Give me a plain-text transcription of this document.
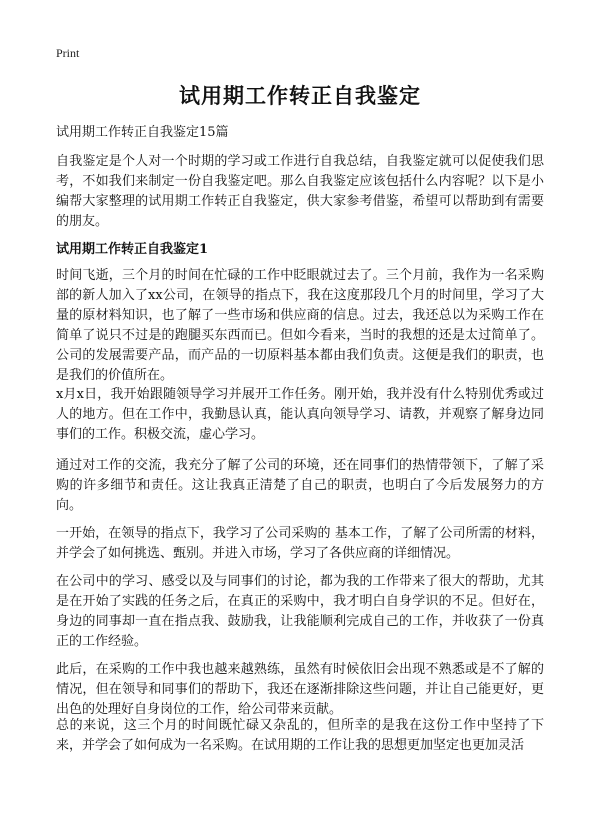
Print
试用期工作转正自我鉴定
试用期工作转正自我鉴定15篇

自我鉴定是个人对一个时期的学习或工作进行自我总结，自我鉴定就可以促使我们思考，不如我们来制定一份自我鉴定吧。那么自我鉴定应该包括什么内容呢？以下是小编帮大家整理的试用期工作转正自我鉴定，供大家参考借鉴，希望可以帮助到有需要的朋友。

试用期工作转正自我鉴定1

时间飞逝，三个月的时间在忙碌的工作中眨眼就过去了。三个月前，我作为一名采购部的新人加入了xx公司，在领导的指点下，我在这度那段几个月的时间里，学习了大量的原材料知识，也了解了一些市场和供应商的信息。过去，我还总以为采购工作在简单了说只不过是的跑腿买东西而已。但如今看来，当时的我想的还是太过简单了。公司的发展需要产品，而产品的一切原料基本都由我们负责。这便是我们的职责，也是我们的价值所在。

x月x日，我开始跟随领导学习并展开工作任务。刚开始，我并没有什么特别优秀或过人的地方。但在工作中，我勤恳认真，能认真向领导学习、请教，并观察了解身边同事们的工作。积极交流，虚心学习。

通过对工作的交流，我充分了解了公司的环境，还在同事们的热情带领下，了解了采购的许多细节和责任。这让我真正清楚了自己的职责，也明白了今后发展努力的方向。

一开始，在领导的指点下，我学习了公司采购的 基本工作，了解了公司所需的材料，并学会了如何挑选、甄别。并进入市场，学习了各供应商的详细情况。

在公司中的学习、感受以及与同事们的讨论，都为我的工作带来了很大的帮助，尤其是在开始了实践的任务之后，在真正的采购中，我才明白自身学识的不足。但好在，身边的同事却一直在指点我、鼓励我，让我能顺利完成自己的工作，并收获了一份真正的工作经验。

此后，在采购的工作中我也越来越熟练，虽然有时候依旧会出现不熟悉或是不了解的情况，但在领导和同事们的帮助下，我还在逐渐排除这些问题，并让自己能更好，更出色的处理好自身岗位的工作，给公司带来贡献。

总的来说，这三个月的时间既忙碌又杂乱的，但所幸的是我在这份工作中坚持了下来，并学会了如何成为一名采购。在试用期的工作让我的思想更加坚定也更加灵活
